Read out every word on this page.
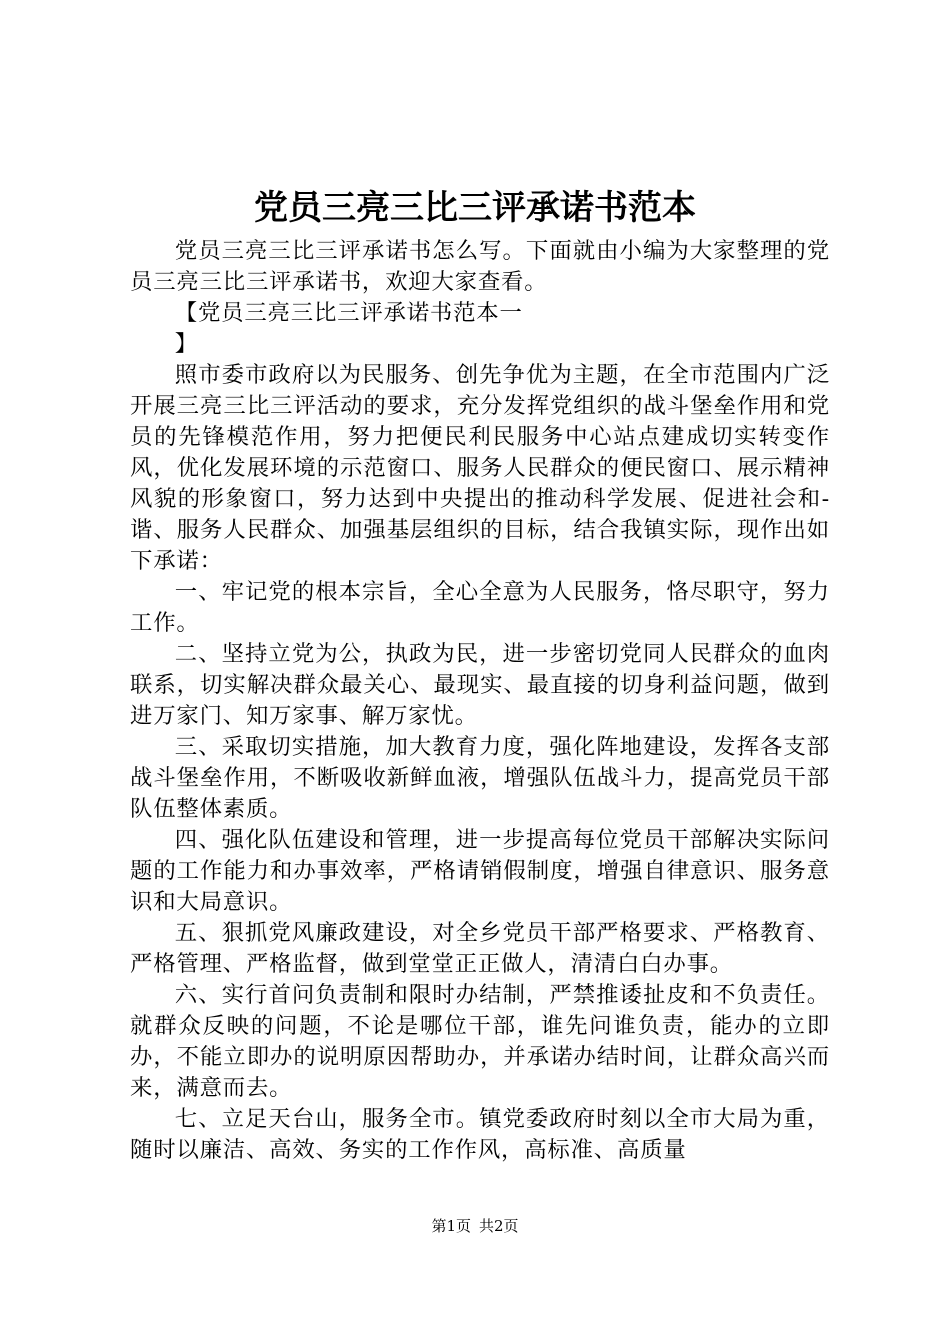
党员三亮三比三评承诺书范本

党员三亮三比三评承诺书怎么写。下面就由小编为大家整理的党员三亮三比三评承诺书，欢迎大家查看。

【党员三亮三比三评承诺书范本一

】

照市委市政府以为民服务、创先争优为主题，在全市范围内广泛开展三亮三比三评活动的要求，充分发挥党组织的战斗堡垒作用和党员的先锋模范作用，努力把便民利民服务中心站点建成切实转变作风，优化发展环境的示范窗口、服务人民群众的便民窗口、展示精神风貌的形象窗口，努力达到中央提出的推动科学发展、促进社会和-谐、服务人民群众、加强基层组织的目标，结合我镇实际，现作出如下承诺：

一、牢记党的根本宗旨，全心全意为人民服务，恪尽职守，努力工作。

二、坚持立党为公，执政为民，进一步密切党同人民群众的血肉联系，切实解决群众最关心、最现实、最直接的切身利益问题，做到进万家门、知万家事、解万家忧。

三、采取切实措施，加大教育力度，强化阵地建设，发挥各支部战斗堡垒作用，不断吸收新鲜血液，增强队伍战斗力，提高党员干部队伍整体素质。

四、强化队伍建设和管理，进一步提高每位党员干部解决实际问题的工作能力和办事效率，严格请销假制度，增强自律意识、服务意识和大局意识。

五、狠抓党风廉政建设，对全乡党员干部严格要求、严格教育、严格管理、严格监督，做到堂堂正正做人，清清白白办事。

六、实行首问负责制和限时办结制，严禁推诿扯皮和不负责任。就群众反映的问题，不论是哪位干部，谁先问谁负责，能办的立即办，不能立即办的说明原因帮助办，并承诺办结时间，让群众高兴而来，满意而去。

七、立足天台山，服务全市。镇党委政府时刻以全市大局为重，随时以廉洁、高效、务实的工作作风，高标准、高质量

第1页 共2页
